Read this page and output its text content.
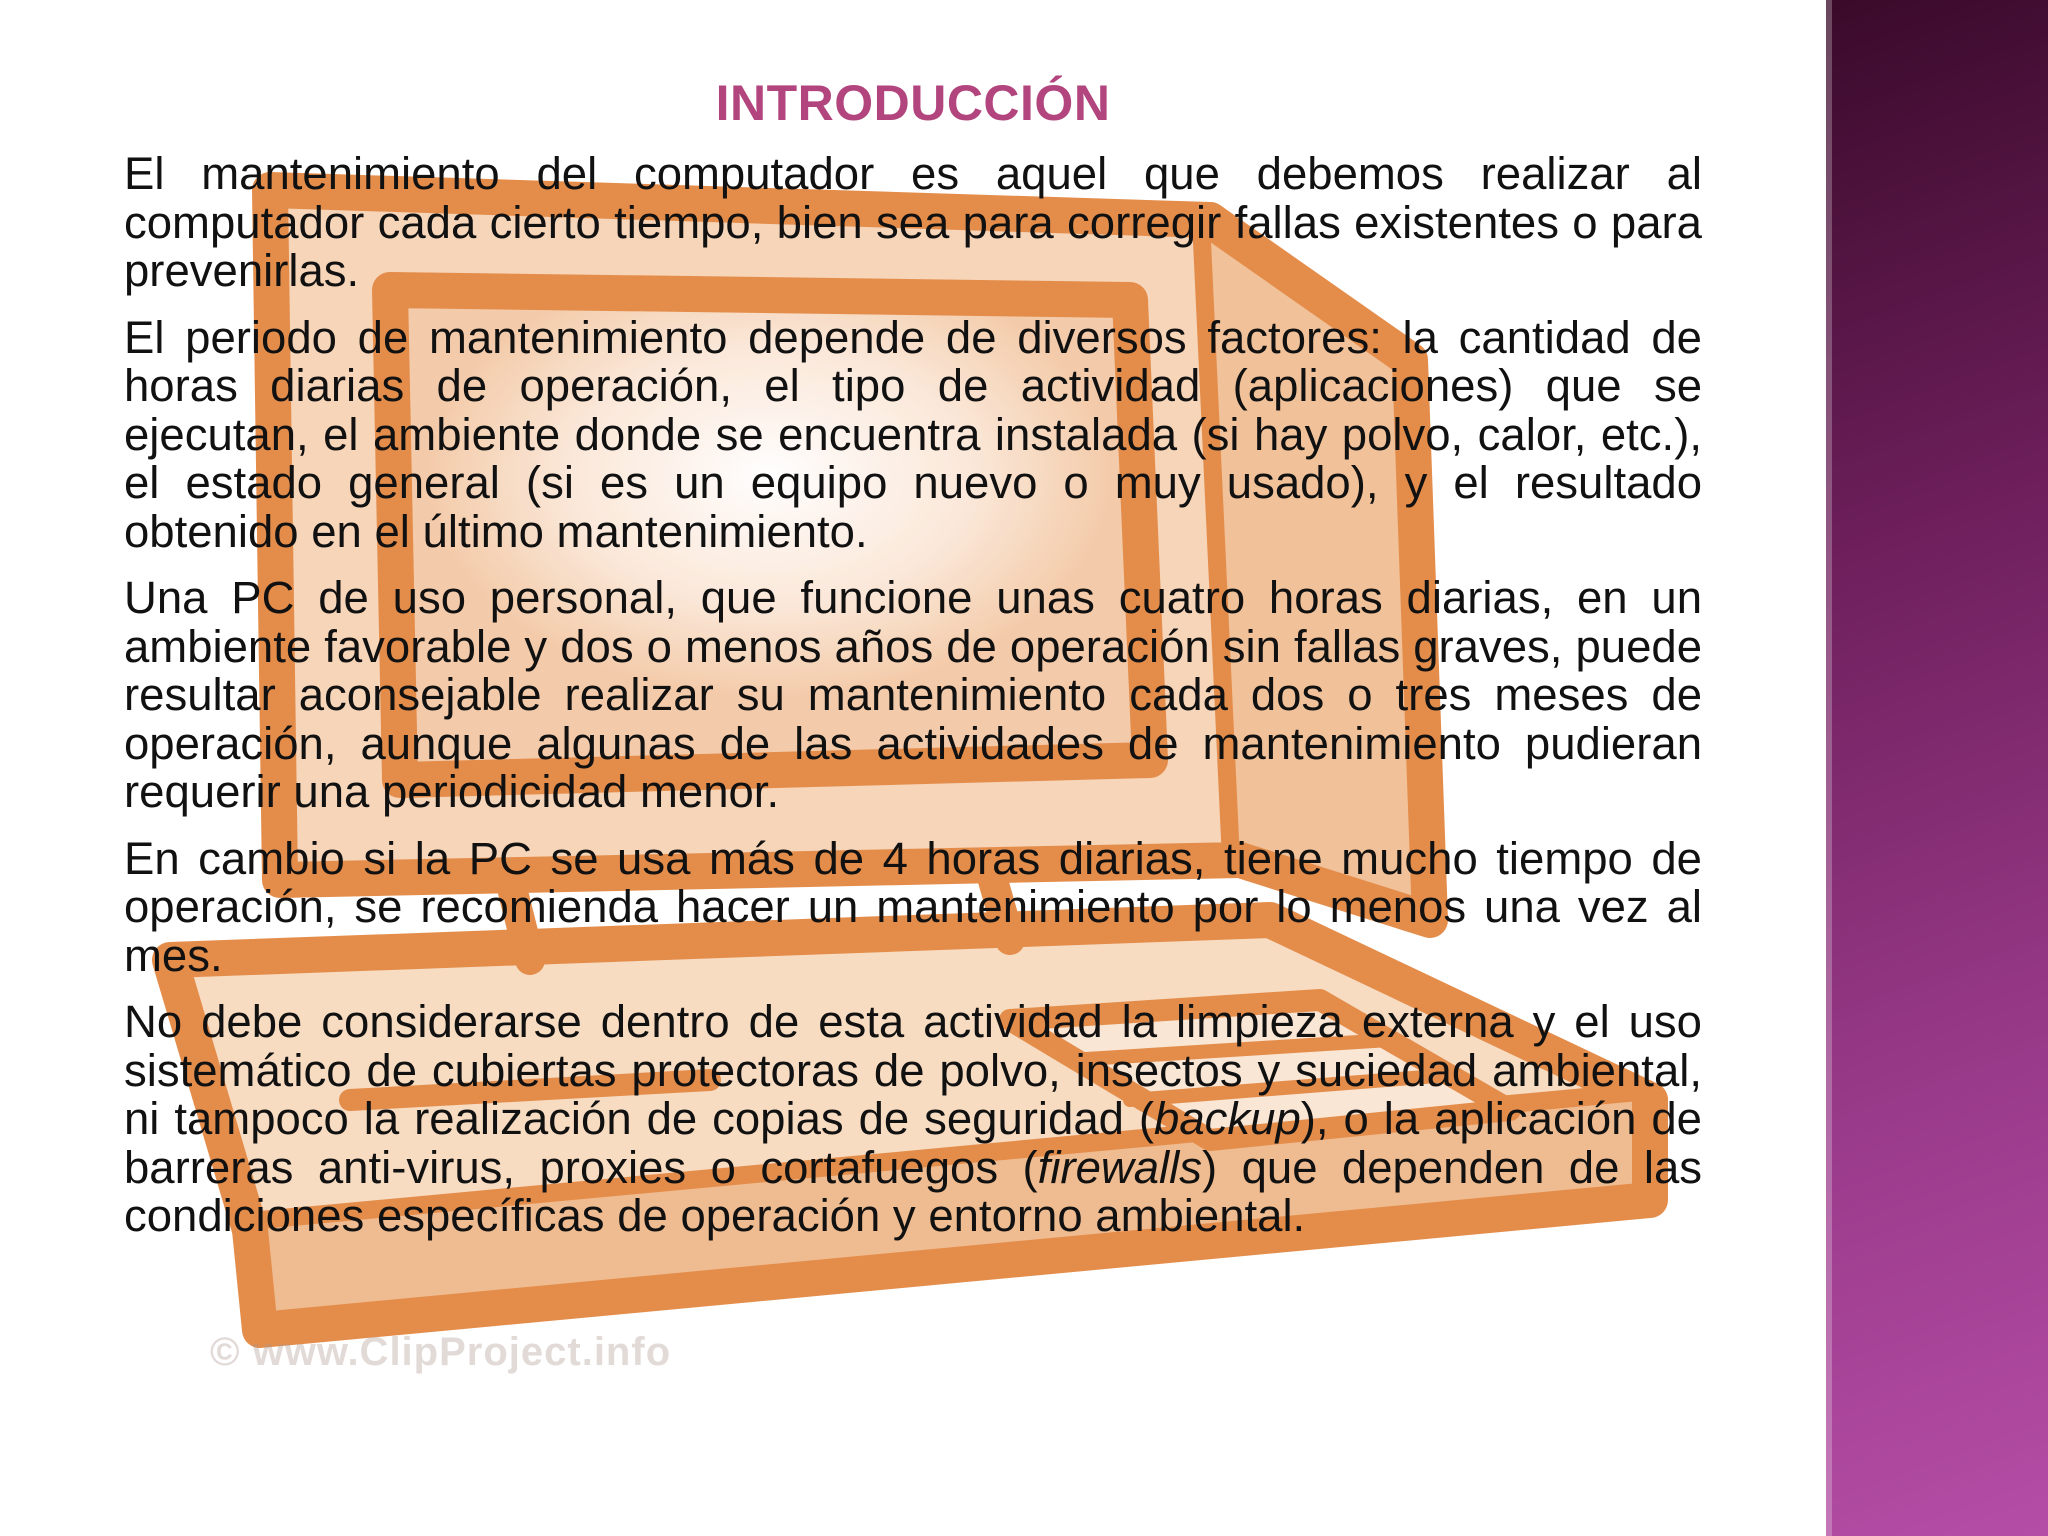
© www.ClipProject.info
INTRODUCCIÓN

El mantenimiento del computador es aquel que debemos realizar al computador cada cierto tiempo, bien sea para corregir fallas existentes o para prevenirlas.

El periodo de mantenimiento depende de diversos factores: la cantidad de horas diarias de operación, el tipo de actividad (aplicaciones) que se ejecutan, el ambiente donde se encuentra instalada (si hay polvo, calor, etc.), el estado general (si es un equipo nuevo o muy usado), y el resultado obtenido en el último mantenimiento.

Una PC de uso personal, que funcione unas cuatro horas diarias, en un ambiente favorable y dos o menos años de operación sin fallas graves, puede resultar aconsejable realizar su mantenimiento cada dos o tres meses de operación, aunque algunas de las actividades de mantenimiento pudieran requerir una periodicidad menor.

En cambio si la PC se usa más de 4 horas diarias, tiene mucho tiempo de operación, se recomienda hacer un mantenimiento por lo menos una vez al mes.

No debe considerarse dentro de esta actividad la limpieza externa y el uso sistemático de cubiertas protectoras de polvo, insectos y suciedad ambiental, ni tampoco la realización de copias de seguridad (backup), o la aplicación de barreras anti-virus, proxies o cortafuegos (firewalls) que dependen de las condiciones específicas de operación y entorno ambiental.
